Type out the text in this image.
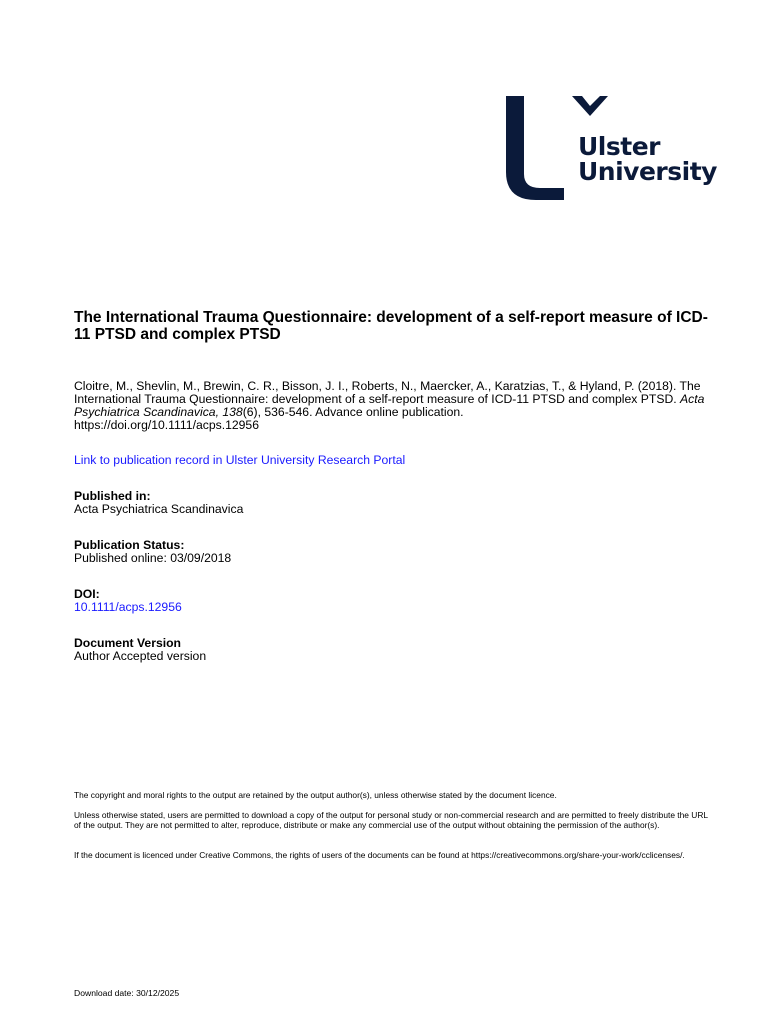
Ulster
University
The International Trauma Questionnaire: development of a self-report measure of ICD-11 PTSD and complex PTSD

Cloitre, M., Shevlin, M., Brewin, C. R., Bisson, J. I., Roberts, N., Maercker, A., Karatzias, T., & Hyland, P. (2018). The International Trauma Questionnaire: development of a self-report measure of ICD-11 PTSD and complex PTSD. Acta Psychiatrica Scandinavica, 138(6), 536-546. Advance online publication.
https://doi.org/10.1111/acps.12956

Link to publication record in Ulster University Research Portal
Published in:
Acta Psychiatrica Scandinavica
Publication Status:
Published online: 03/09/2018
DOI:
10.1111/acps.12956
Document Version
Author Accepted version

The copyright and moral rights to the output are retained by the output author(s), unless otherwise stated by the document licence.

Unless otherwise stated, users are permitted to download a copy of the output for personal study or non-commercial research and are permitted to freely distribute the URL of the output. They are not permitted to alter, reproduce, distribute or make any commercial use of the output without obtaining the permission of the author(s).

If the document is licenced under Creative Commons, the rights of users of the documents can be found at https://creativecommons.org/share-your-work/cclicenses/.

Download date: 30/12/2025
